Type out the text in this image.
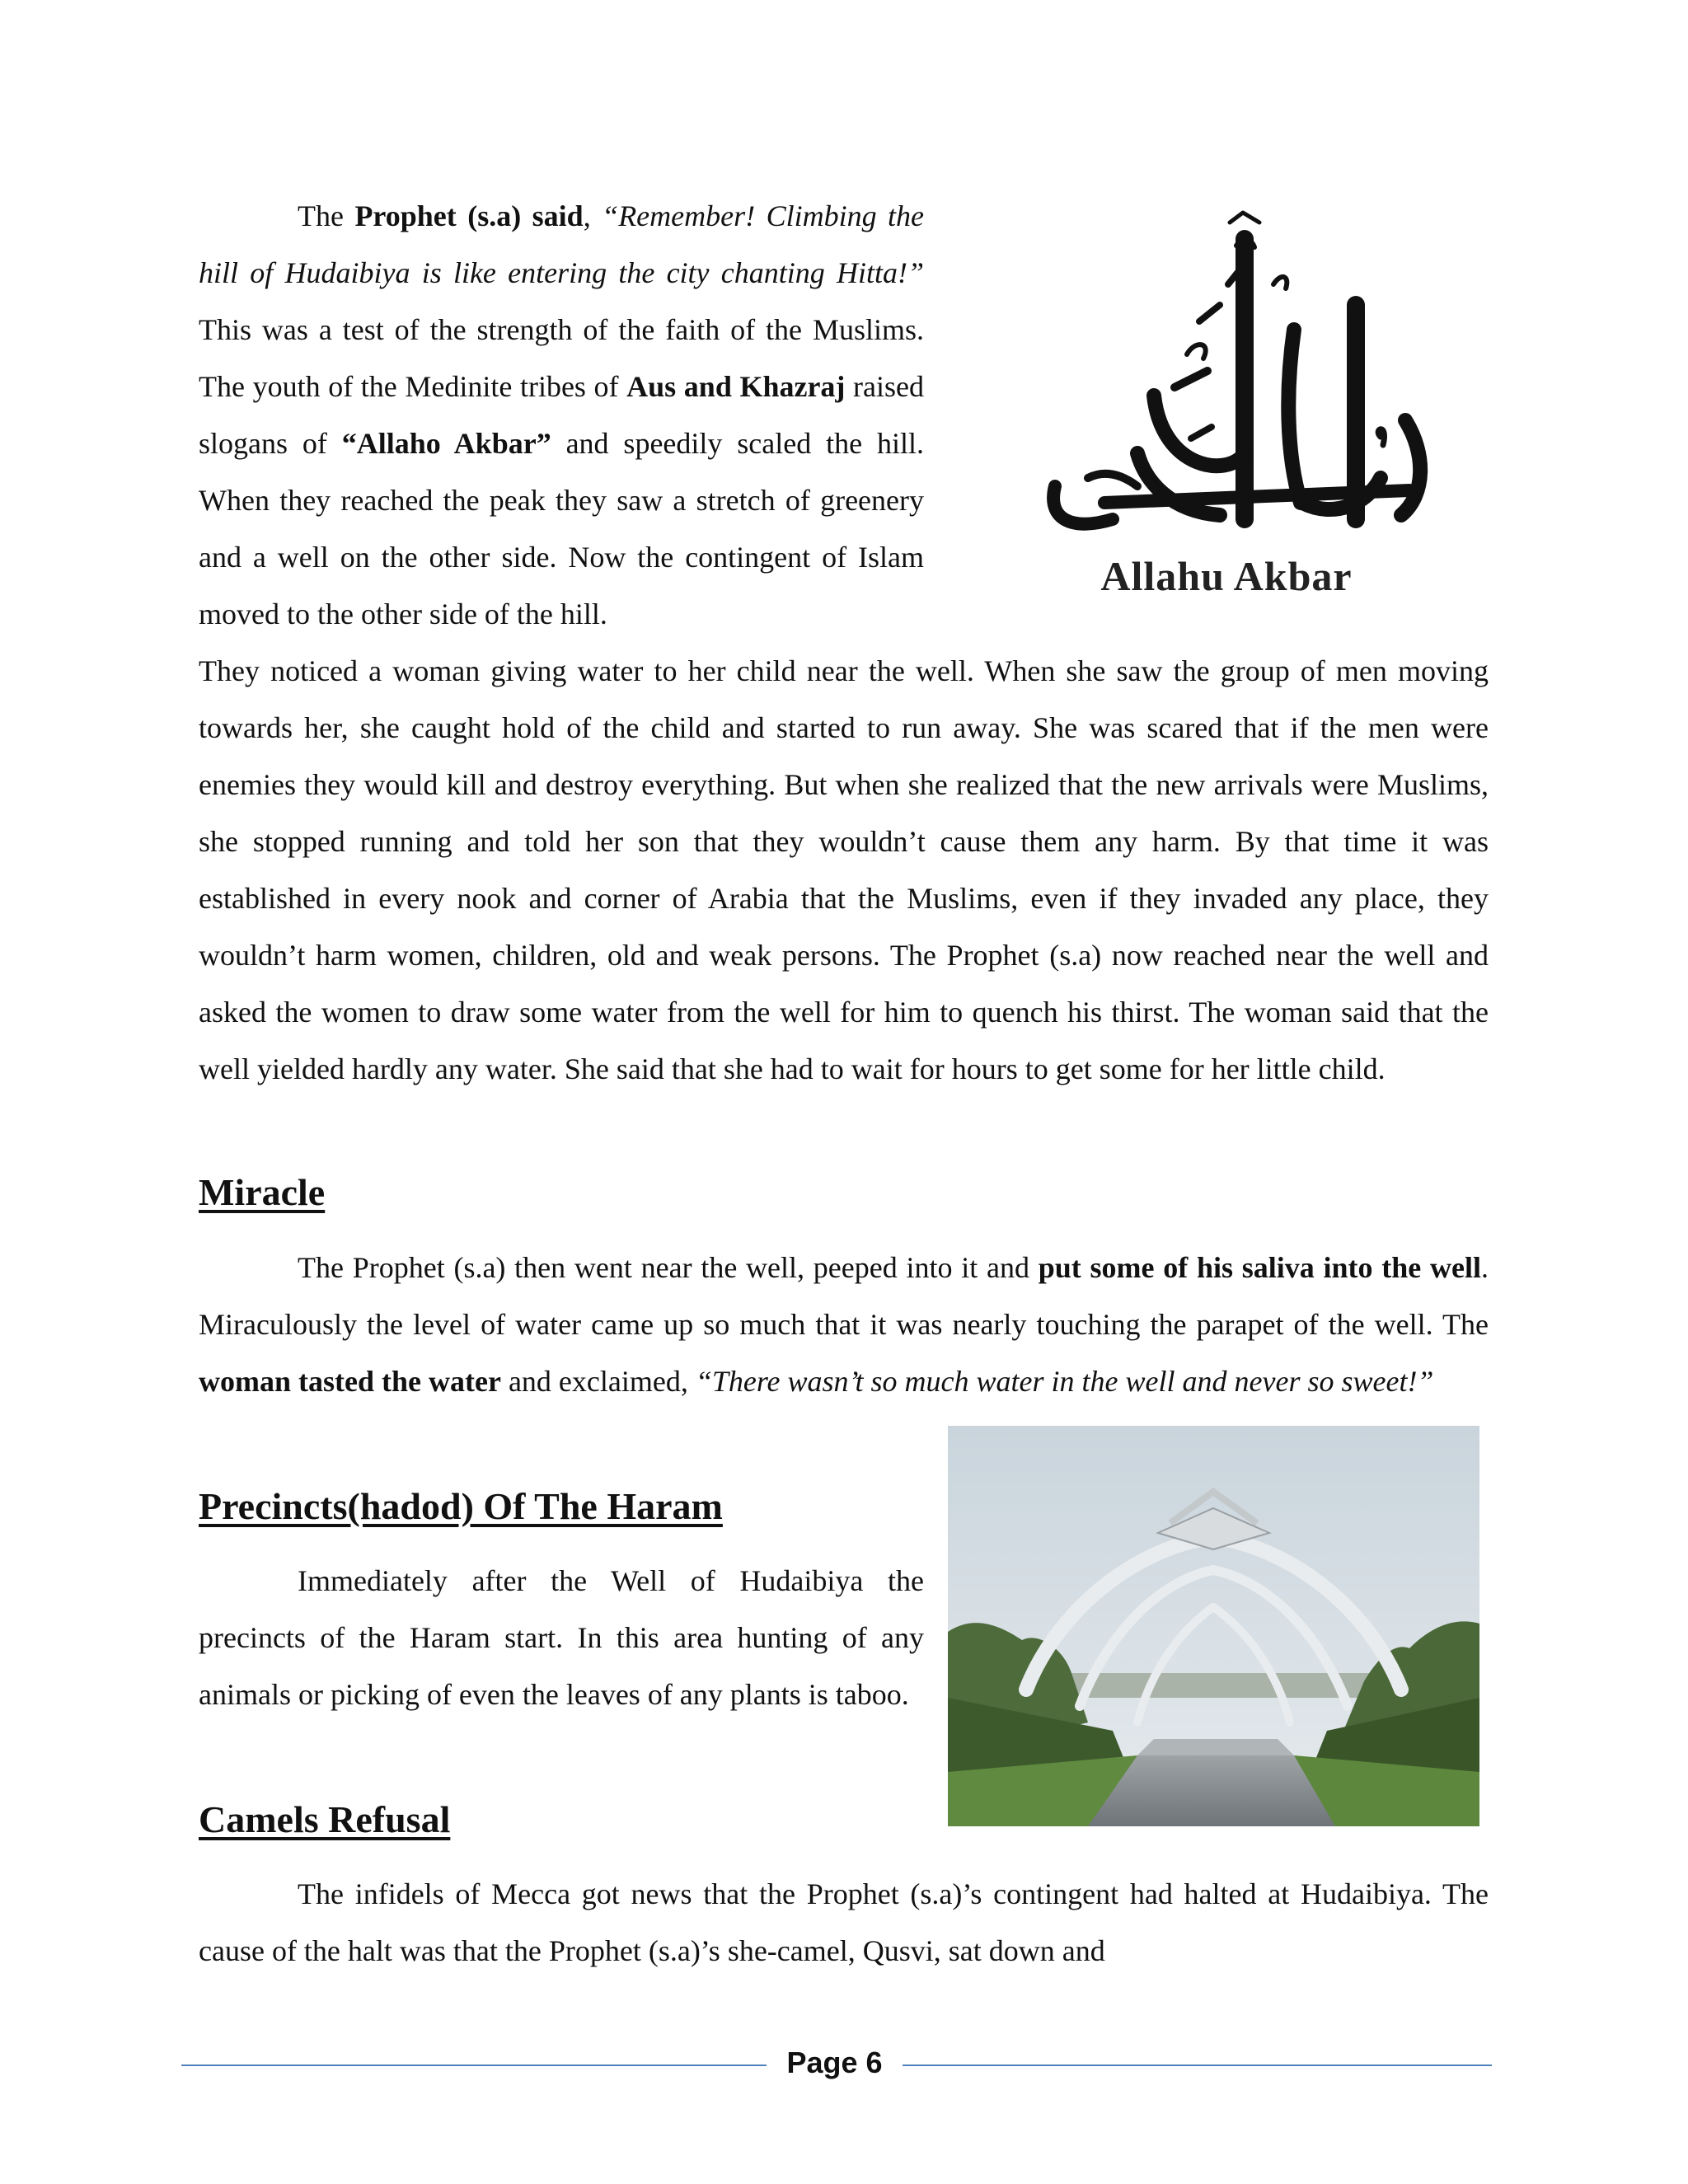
The Prophet (s.a) said, “Remember! Climbing the hill of Hudaibiya is like entering the city chanting Hitta!” This was a test of the strength of the faith of the Muslims. The youth of the Medinite tribes of Aus and Khazraj raised slogans of “Allaho Akbar” and speedily scaled the hill. When they reached the peak they saw a stretch of greenery and a well on the other side. Now the contingent of Islam moved to the other side of the hill.

Allahu Akbar

They noticed a woman giving water to her child near the well. When she saw the group of men moving towards her, she caught hold of the child and started to run away. She was scared that if the men were enemies they would kill and destroy everything. But when she realized that the new arrivals were Muslims, she stopped running and told her son that they wouldn’t cause them any harm. By that time it was established in every nook and corner of Arabia that the Muslims, even if they invaded any place, they wouldn’t harm women, children, old and weak persons. The Prophet (s.a) now reached near the well and asked the women to draw some water from the well for him to quench his thirst. The woman said that the well yielded hardly any water. She said that she had to wait for hours to get some for her little child.

Miracle

The Prophet (s.a) then went near the well, peeped into it and put some of his saliva into the well. Miraculously the level of water came up so much that it was nearly touching the parapet of the well. The woman tasted the water and exclaimed, “There wasn’t so much water in the well and never so sweet!”

Precincts(hadod) Of The Haram

Immediately after the Well of Hudaibiya the precincts of the Haram start. In this area hunting of any animals or picking of even the leaves of any plants is taboo.

Camels Refusal

The infidels of Mecca got news that the Prophet (s.a)’s contingent had halted at Hudaibiya. The cause of the halt was that the Prophet (s.a)’s she-camel, Qusvi, sat down and

Page 6
